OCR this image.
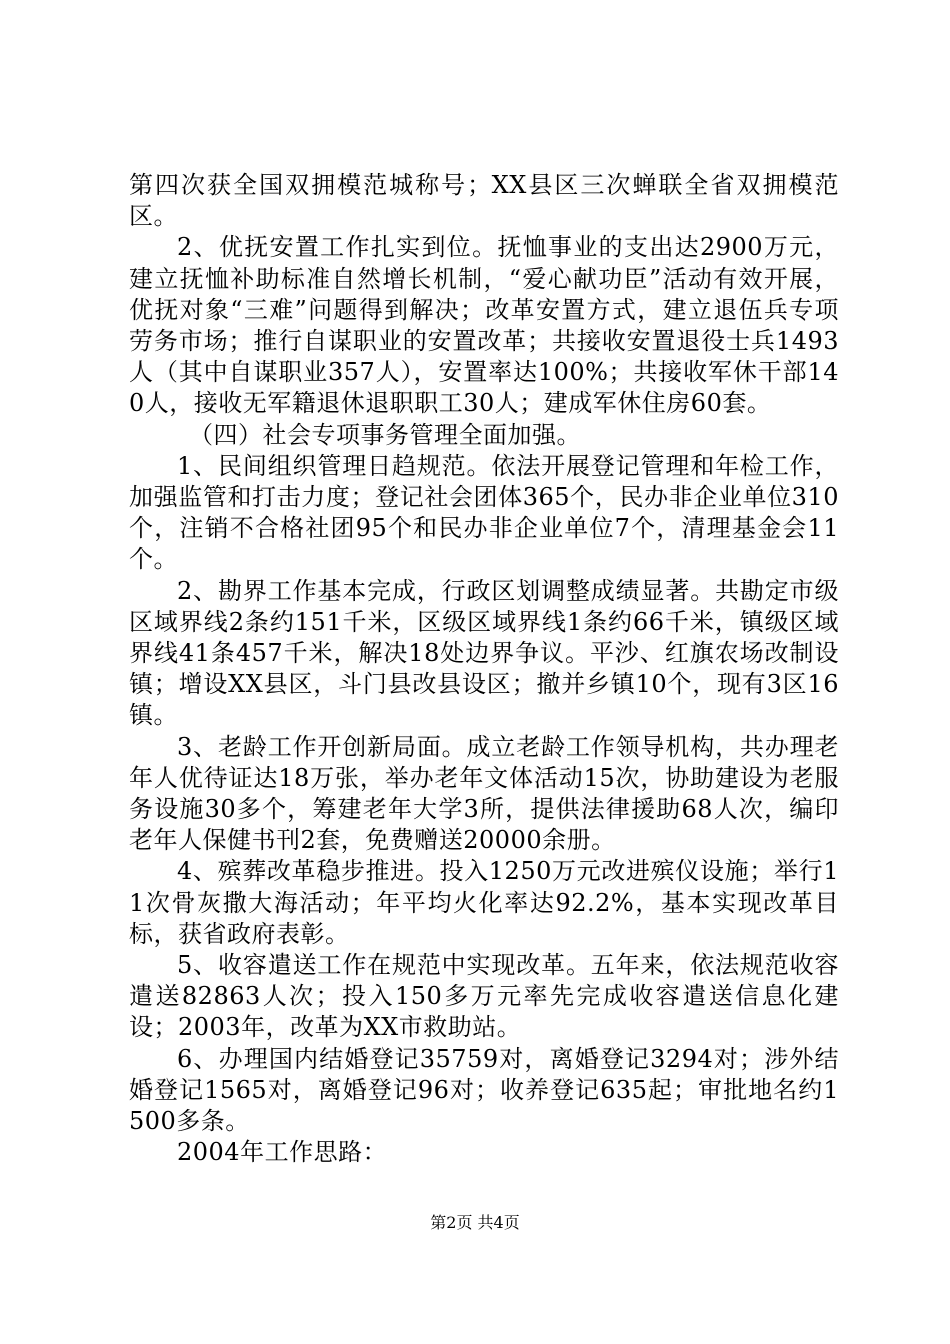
第四次获全国双拥模范城称号；XX县区三次蝉联全省双拥模范区。

2、优抚安置工作扎实到位。抚恤事业的支出达2900万元，建立抚恤补助标准自然增长机制，“爱心献功臣”活动有效开展，优抚对象“三难”问题得到解决；改革安置方式，建立退伍兵专项劳务市场；推行自谋职业的安置改革；共接收安置退役士兵1493人（其中自谋职业357人），安置率达100%；共接收军休干部140人，接收无军籍退休退职职工30人；建成军休住房60套。

（四）社会专项事务管理全面加强。

1、民间组织管理日趋规范。依法开展登记管理和年检工作，加强监管和打击力度；登记社会团体365个，民办非企业单位310个，注销不合格社团95个和民办非企业单位7个，清理基金会11个。

2、勘界工作基本完成，行政区划调整成绩显著。共勘定市级区域界线2条约151千米，区级区域界线1条约66千米，镇级区域界线41条457千米，解决18处边界争议。平沙、红旗农场改制设镇；增设XX县区，斗门县改县设区；撤并乡镇10个，现有3区16镇。

3、老龄工作开创新局面。成立老龄工作领导机构，共办理老年人优待证达18万张，举办老年文体活动15次，协助建设为老服务设施30多个，筹建老年大学3所，提供法律援助68人次，编印老年人保健书刊2套，免费赠送20000余册。

4、殡葬改革稳步推进。投入1250万元改进殡仪设施；举行11次骨灰撒大海活动；年平均火化率达92.2%，基本实现改革目标，获省政府表彰。

5、收容遣送工作在规范中实现改革。五年来，依法规范收容遣送82863人次；投入150多万元率先完成收容遣送信息化建设；2003年，改革为XX市救助站。

6、办理国内结婚登记35759对，离婚登记3294对；涉外结婚登记1565对，离婚登记96对；收养登记635起；审批地名约1500多条。

2004年工作思路：

第2页 共4页
